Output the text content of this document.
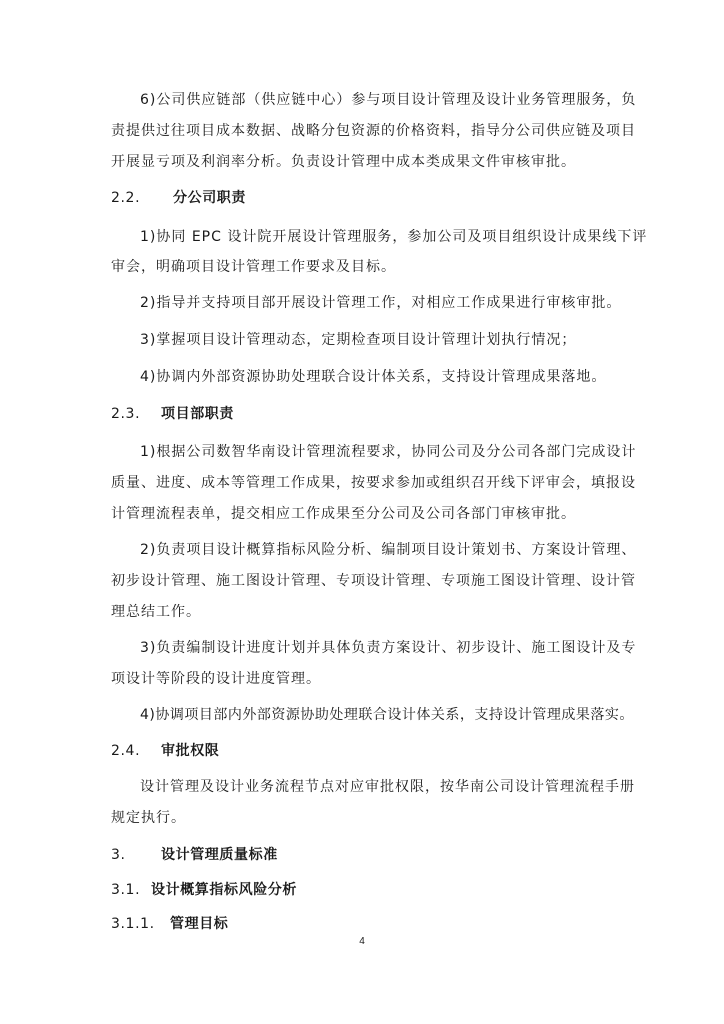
6)公司供应链部（供应链中心）参与项目设计管理及设计业务管理服务，负
责提供过往项目成本数据、战略分包资源的价格资料，指导分公司供应链及项目
开展显亏项及利润率分析。负责设计管理中成本类成果文件审核审批。
2.2. 分公司职责
1)协同 EPC 设计院开展设计管理服务，参加公司及项目组织设计成果线下评
审会，明确项目设计管理工作要求及目标。
2)指导并支持项目部开展设计管理工作，对相应工作成果进行审核审批。
3)掌握项目设计管理动态，定期检查项目设计管理计划执行情况；
4)协调内外部资源协助处理联合设计体关系，支持设计管理成果落地。
2.3. 项目部职责
1)根据公司数智华南设计管理流程要求，协同公司及分公司各部门完成设计
质量、进度、成本等管理工作成果，按要求参加或组织召开线下评审会，填报设
计管理流程表单，提交相应工作成果至分公司及公司各部门审核审批。
2)负责项目设计概算指标风险分析、编制项目设计策划书、方案设计管理、
初步设计管理、施工图设计管理、专项设计管理、专项施工图设计管理、设计管
理总结工作。
3)负责编制设计进度计划并具体负责方案设计、初步设计、施工图设计及专
项设计等阶段的设计进度管理。
4)协调项目部内外部资源协助处理联合设计体关系，支持设计管理成果落实。
2.4. 审批权限
设计管理及设计业务流程节点对应审批权限，按华南公司设计管理流程手册
规定执行。
3.	设计管理质量标准
3.1. 设计概算指标风险分析
3.1.1. 管理目标
4
